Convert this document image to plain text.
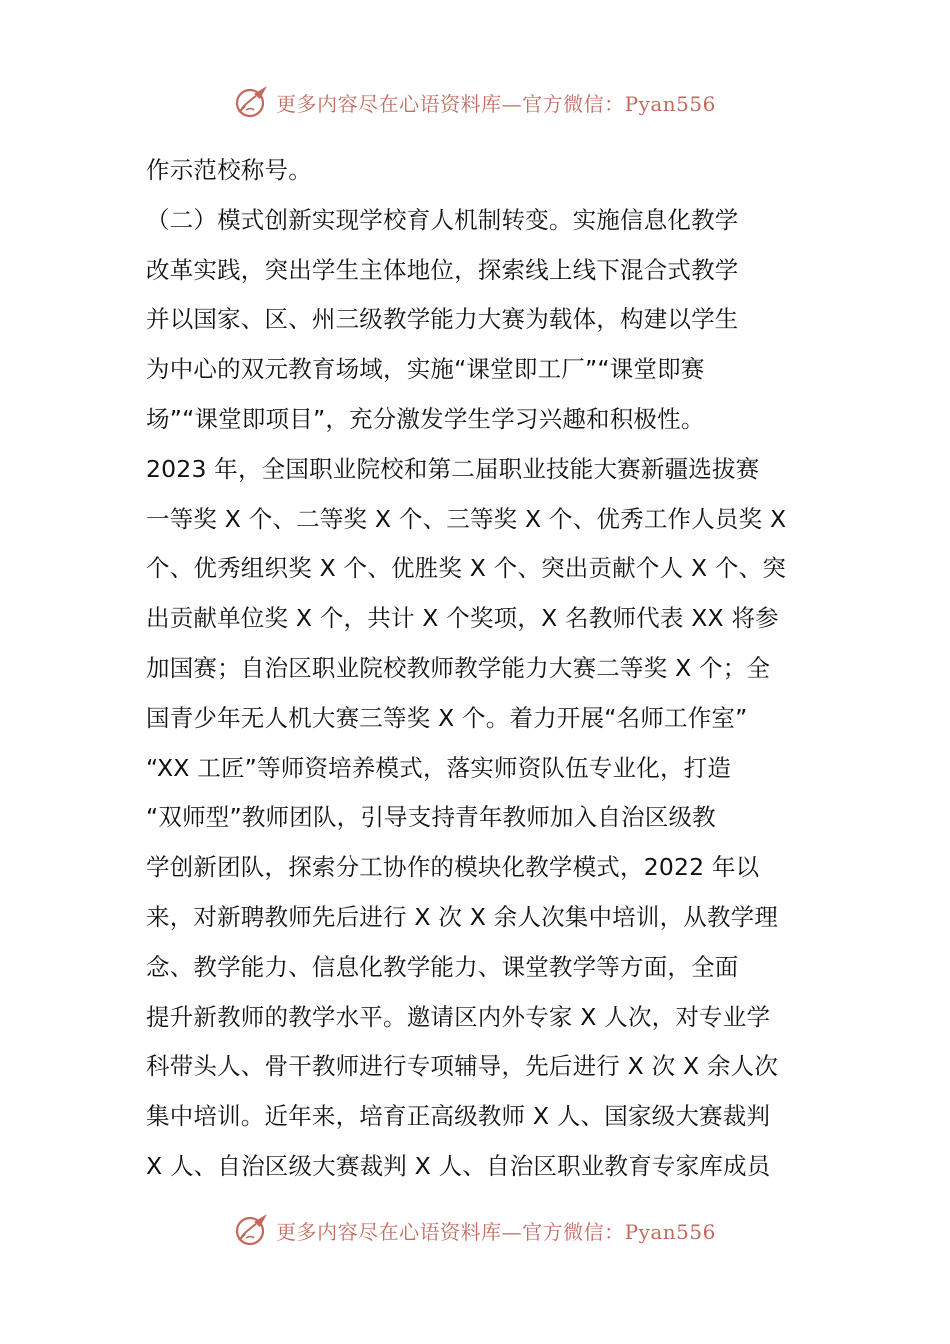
更多内容尽在心语资料库—官方微信：Pyan556
作示范校称号。
（二）模式创新实现学校育人机制转变。实施信息化教学
改革实践，突出学生主体地位，探索线上线下混合式教学
并以国家、区、州三级教学能力大赛为载体，构建以学生
为中心的双元教育场域，实施“课堂即工厂”“课堂即赛
场”“课堂即项目”，充分激发学生学习兴趣和积极性。
2023 年，全国职业院校和第二届职业技能大赛新疆选拔赛
一等奖 X 个、二等奖 X 个、三等奖 X 个、优秀工作人员奖 X
个、优秀组织奖 X 个、优胜奖 X 个、突出贡献个人 X 个、突
出贡献单位奖 X 个，共计 X 个奖项，X 名教师代表 XX 将参
加国赛；自治区职业院校教师教学能力大赛二等奖 X 个；全
国青少年无人机大赛三等奖 X 个。着力开展“名师工作室”
“XX 工匠”等师资培养模式，落实师资队伍专业化，打造
“双师型”教师团队，引导支持青年教师加入自治区级教
学创新团队，探索分工协作的模块化教学模式，2022 年以
来，对新聘教师先后进行 X 次 X 余人次集中培训，从教学理
念、教学能力、信息化教学能力、课堂教学等方面，全面
提升新教师的教学水平。邀请区内外专家 X 人次，对专业学
科带头人、骨干教师进行专项辅导，先后进行 X 次 X 余人次
集中培训。近年来，培育正高级教师 X 人、国家级大赛裁判
X 人、自治区级大赛裁判 X 人、自治区职业教育专家库成员
更多内容尽在心语资料库—官方微信：Pyan556
